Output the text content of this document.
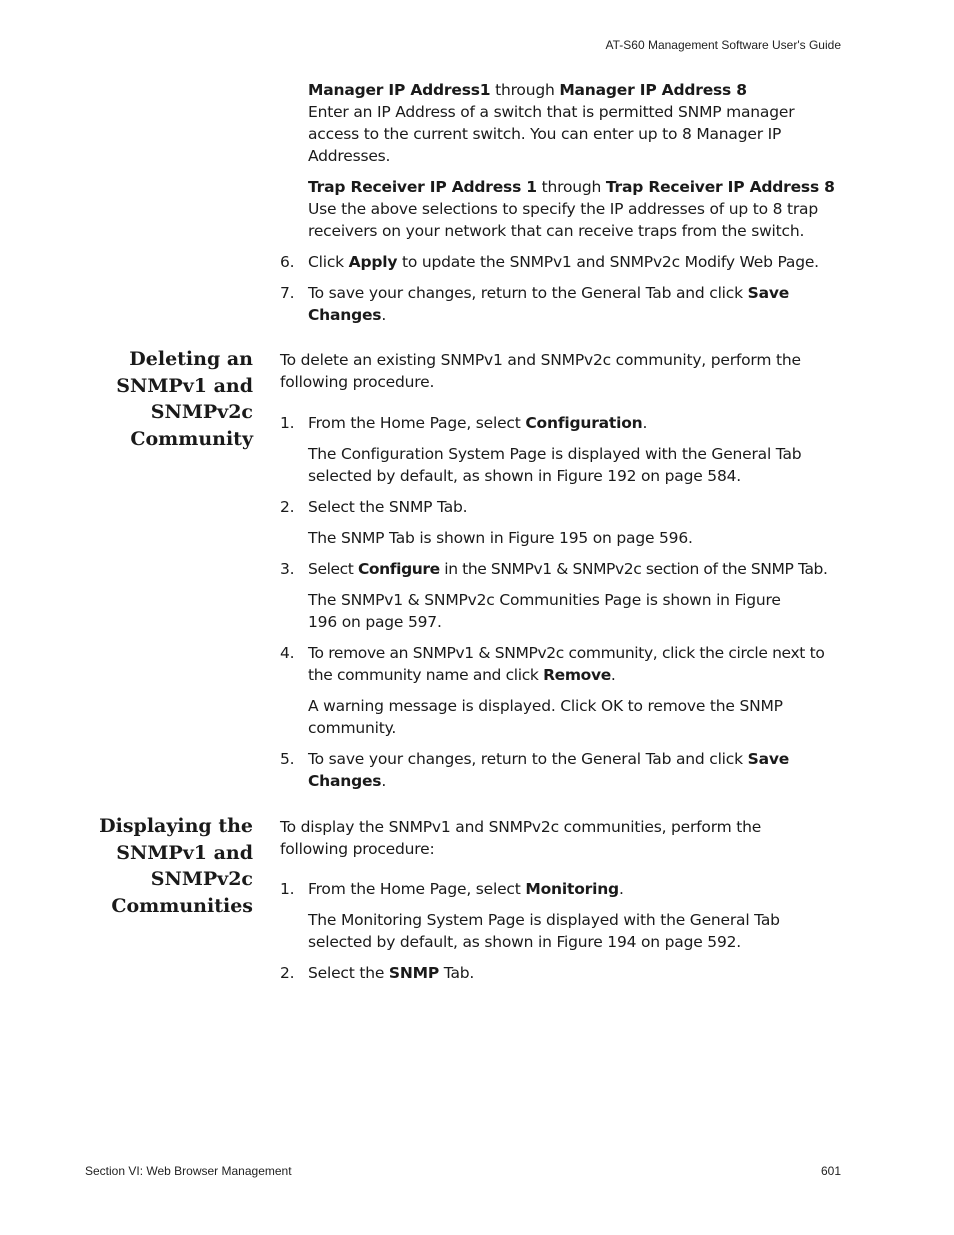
AT-S60 Management Software User's Guide
Manager IP Address1 through Manager IP Address 8
Enter an IP Address of a switch that is permitted SNMP manager access to the current switch. You can enter up to 8 Manager IP Addresses.
Trap Receiver IP Address 1 through Trap Receiver IP Address 8
Use the above selections to specify the IP addresses of up to 8 trap receivers on your network that can receive traps from the switch.
6. Click Apply to update the SNMPv1 and SNMPv2c Modify Web Page.
7. To save your changes, return to the General Tab and click Save Changes.
Deleting an SNMPv1 and SNMPv2c Community
To delete an existing SNMPv1 and SNMPv2c community, perform the following procedure.
1. From the Home Page, select Configuration.
The Configuration System Page is displayed with the General Tab selected by default, as shown in Figure 192 on page 584.
2. Select the SNMP Tab.
The SNMP Tab is shown in Figure 195 on page 596.
3. Select Configure in the SNMPv1 & SNMPv2c section of the SNMP Tab.
The SNMPv1 & SNMPv2c Communities Page is shown in Figure 196 on page 597.
4. To remove an SNMPv1 & SNMPv2c community, click the circle next to the community name and click Remove.
A warning message is displayed. Click OK to remove the SNMP community.
5. To save your changes, return to the General Tab and click Save Changes.
Displaying the SNMPv1 and SNMPv2c Communities
To display the SNMPv1 and SNMPv2c communities, perform the following procedure:
1. From the Home Page, select Monitoring.
The Monitoring System Page is displayed with the General Tab selected by default, as shown in Figure 194 on page 592.
2. Select the SNMP Tab.
Section VI: Web Browser Management	601
